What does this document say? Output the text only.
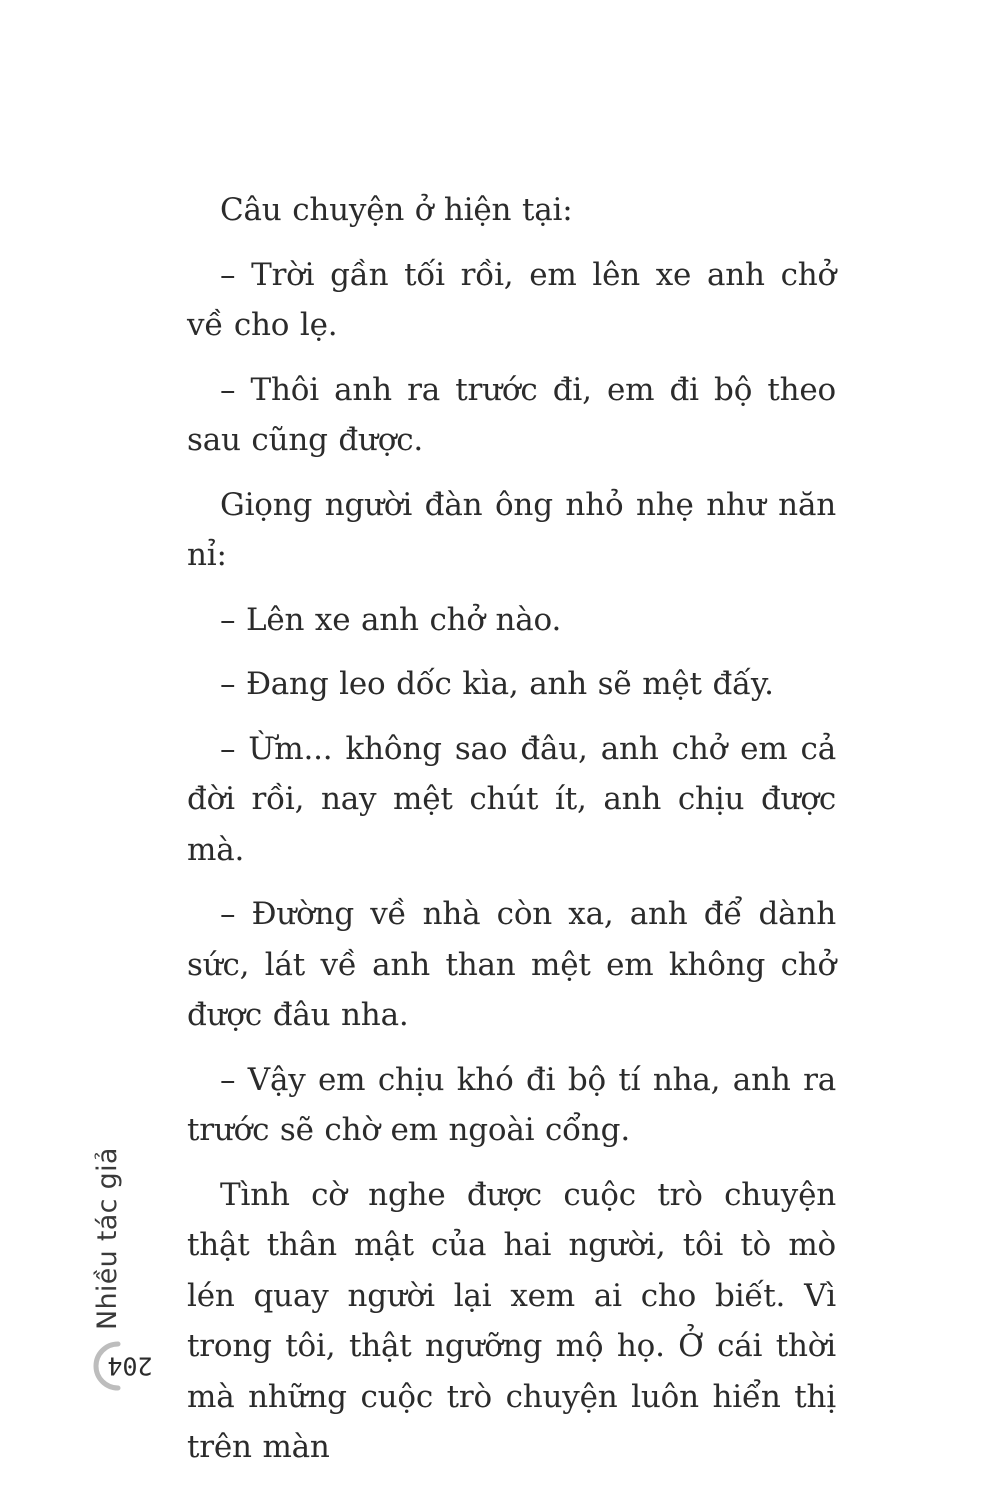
Câu chuyện ở hiện tại:

– Trời gần tối rồi, em lên xe anh chở về cho lẹ.

– Thôi anh ra trước đi, em đi bộ theo sau cũng được.

Giọng người đàn ông nhỏ nhẹ như năn nỉ:

– Lên xe anh chở nào.

– Đang leo dốc kìa, anh sẽ mệt đấy.

– Ừm... không sao đâu, anh chở em cả đời rồi, nay mệt chút ít, anh chịu được mà.

– Đường về nhà còn xa, anh để dành sức, lát về anh than mệt em không chở được đâu nha.

– Vậy em chịu khó đi bộ tí nha, anh ra trước sẽ chờ em ngoài cổng.

Tình cờ nghe được cuộc trò chuyện thật thân mật của hai người, tôi tò mò lén quay người lại xem ai cho biết. Vì trong tôi, thật ngưỡng mộ họ. Ở cái thời mà những cuộc trò chuyện luôn hiển thị trên màn

Nhiều tác giả
204
